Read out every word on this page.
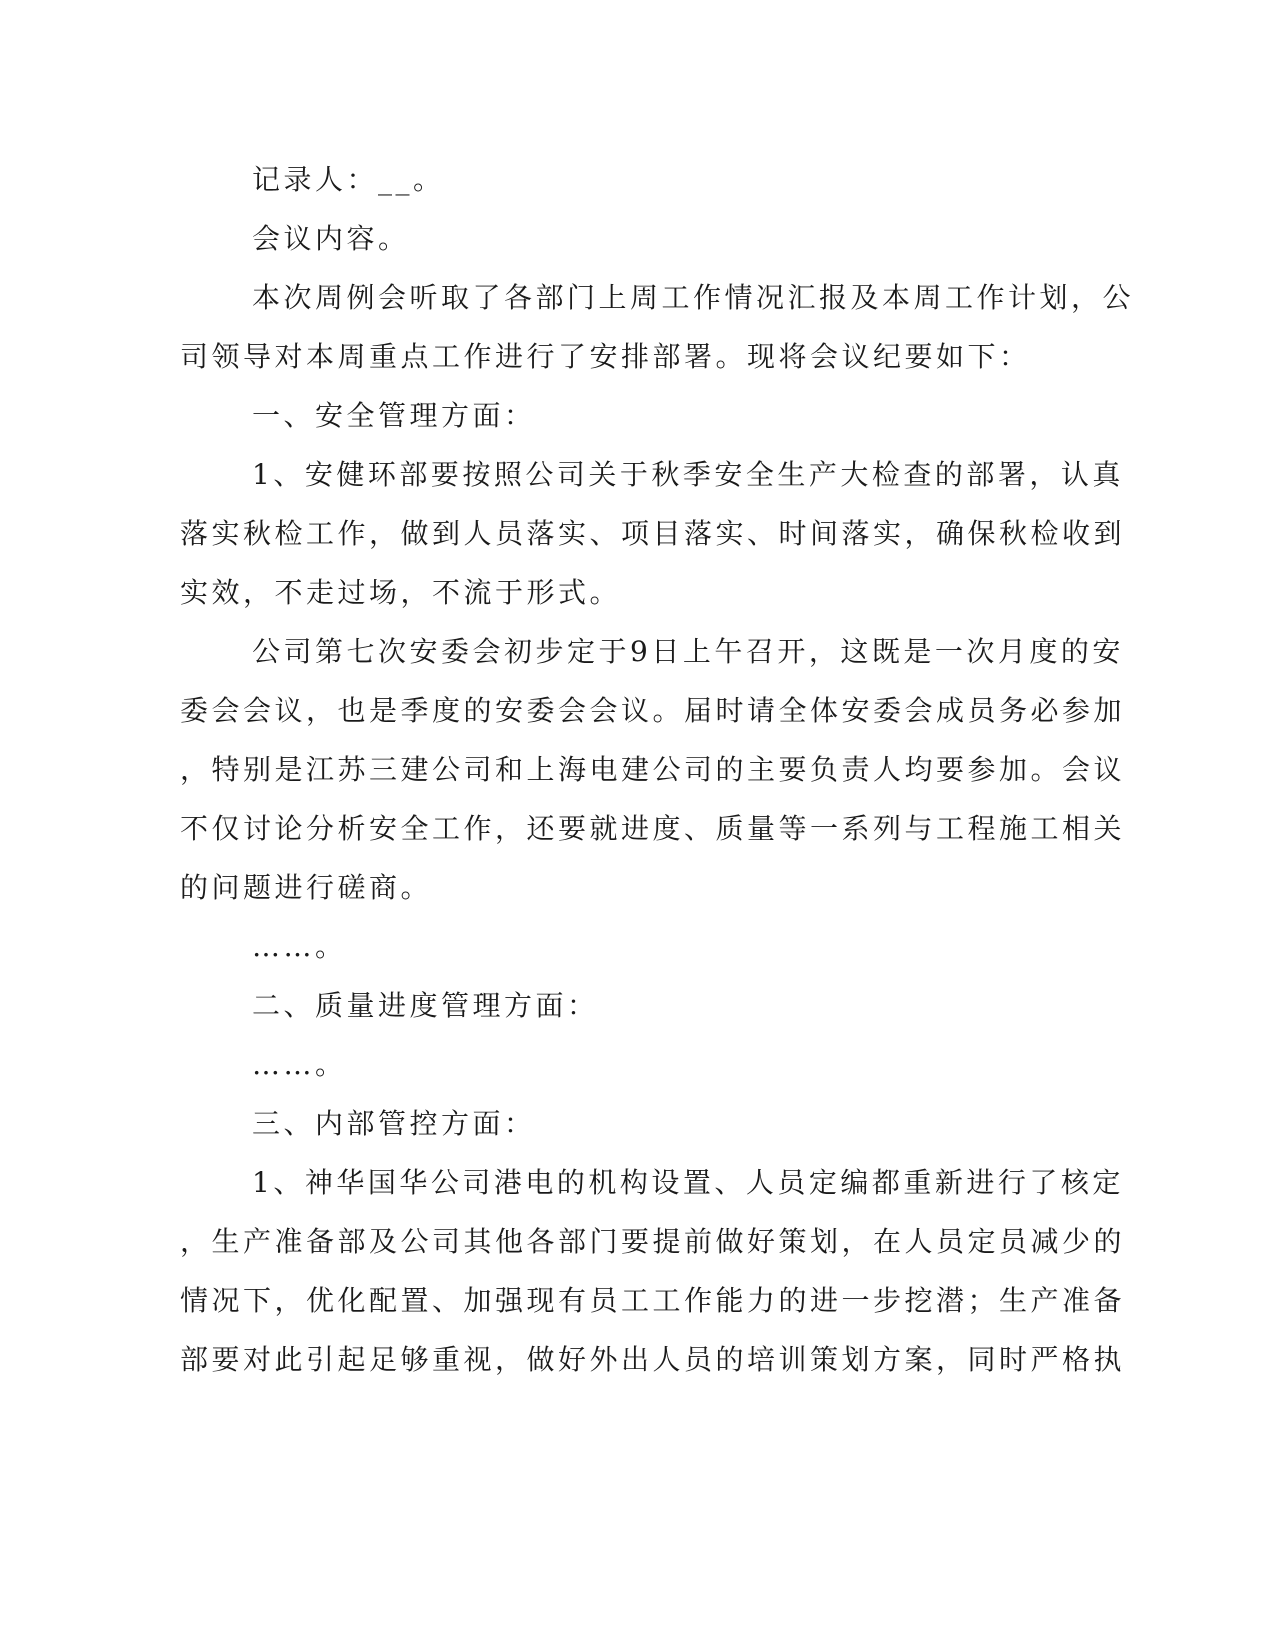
记录人：__。
会议内容。
本次周例会听取了各部门上周工作情况汇报及本周工作计划，公
司领导对本周重点工作进行了安排部署。现将会议纪要如下：
一、安全管理方面：
1、安健环部要按照公司关于秋季安全生产大检查的部署，认真
落实秋检工作，做到人员落实、项目落实、时间落实，确保秋检收到
实效，不走过场，不流于形式。
公司第七次安委会初步定于9日上午召开，这既是一次月度的安
委会会议，也是季度的安委会会议。届时请全体安委会成员务必参加
，特别是江苏三建公司和上海电建公司的主要负责人均要参加。会议
不仅讨论分析安全工作，还要就进度、质量等一系列与工程施工相关
的问题进行磋商。
……。
二、质量进度管理方面：
……。
三、内部管控方面：
1、神华国华公司港电的机构设置、人员定编都重新进行了核定
，生产准备部及公司其他各部门要提前做好策划，在人员定员减少的
情况下，优化配置、加强现有员工工作能力的进一步挖潜；生产准备
部要对此引起足够重视，做好外出人员的培训策划方案，同时严格执
